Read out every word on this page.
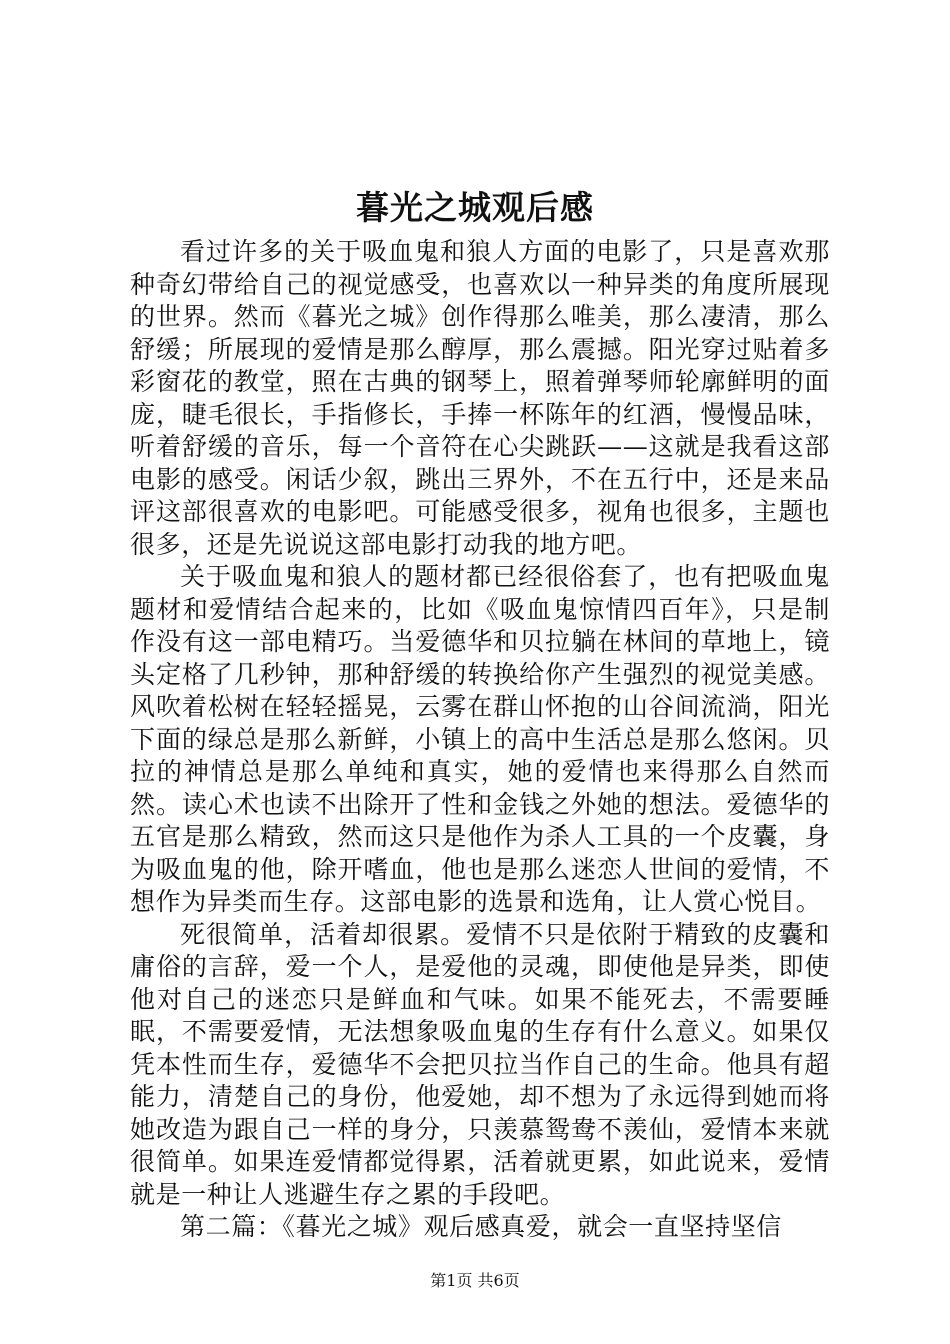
暮光之城观后感

看过许多的关于吸血鬼和狼人方面的电影了，只是喜欢那种奇幻带给自己的视觉感受，也喜欢以一种异类的角度所展现的世界。然而《暮光之城》创作得那么唯美，那么凄清，那么舒缓；所展现的爱情是那么醇厚，那么震撼。阳光穿过贴着多彩窗花的教堂，照在古典的钢琴上，照着弹琴师轮廓鲜明的面庞，睫毛很长，手指修长，手捧一杯陈年的红酒，慢慢品味，听着舒缓的音乐，每一个音符在心尖跳跃——这就是我看这部电影的感受。闲话少叙，跳出三界外，不在五行中，还是来品评这部很喜欢的电影吧。可能感受很多，视角也很多，主题也很多，还是先说说这部电影打动我的地方吧。

关于吸血鬼和狼人的题材都已经很俗套了，也有把吸血鬼题材和爱情结合起来的，比如《吸血鬼惊情四百年》，只是制作没有这一部电精巧。当爱德华和贝拉躺在林间的草地上，镜头定格了几秒钟，那种舒缓的转换给你产生强烈的视觉美感。风吹着松树在轻轻摇晃，云雾在群山怀抱的山谷间流淌，阳光下面的绿总是那么新鲜，小镇上的高中生活总是那么悠闲。贝拉的神情总是那么单纯和真实，她的爱情也来得那么自然而然。读心术也读不出除开了性和金钱之外她的想法。爱德华的五官是那么精致，然而这只是他作为杀人工具的一个皮囊，身为吸血鬼的他，除开嗜血，他也是那么迷恋人世间的爱情，不想作为异类而生存。这部电影的选景和选角，让人赏心悦目。

死很简单，活着却很累。爱情不只是依附于精致的皮囊和庸俗的言辞，爱一个人，是爱他的灵魂，即使他是异类，即使他对自己的迷恋只是鲜血和气味。如果不能死去，不需要睡眠，不需要爱情，无法想象吸血鬼的生存有什么意义。如果仅凭本性而生存，爱德华不会把贝拉当作自己的生命。他具有超能力，清楚自己的身份，他爱她，却不想为了永远得到她而将她改造为跟自己一样的身分，只羡慕鸳鸯不羡仙，爱情本来就很简单。如果连爱情都觉得累，活着就更累，如此说来，爱情就是一种让人逃避生存之累的手段吧。

第二篇：《暮光之城》观后感真爱，就会一直坚持坚信

第1页 共6页
